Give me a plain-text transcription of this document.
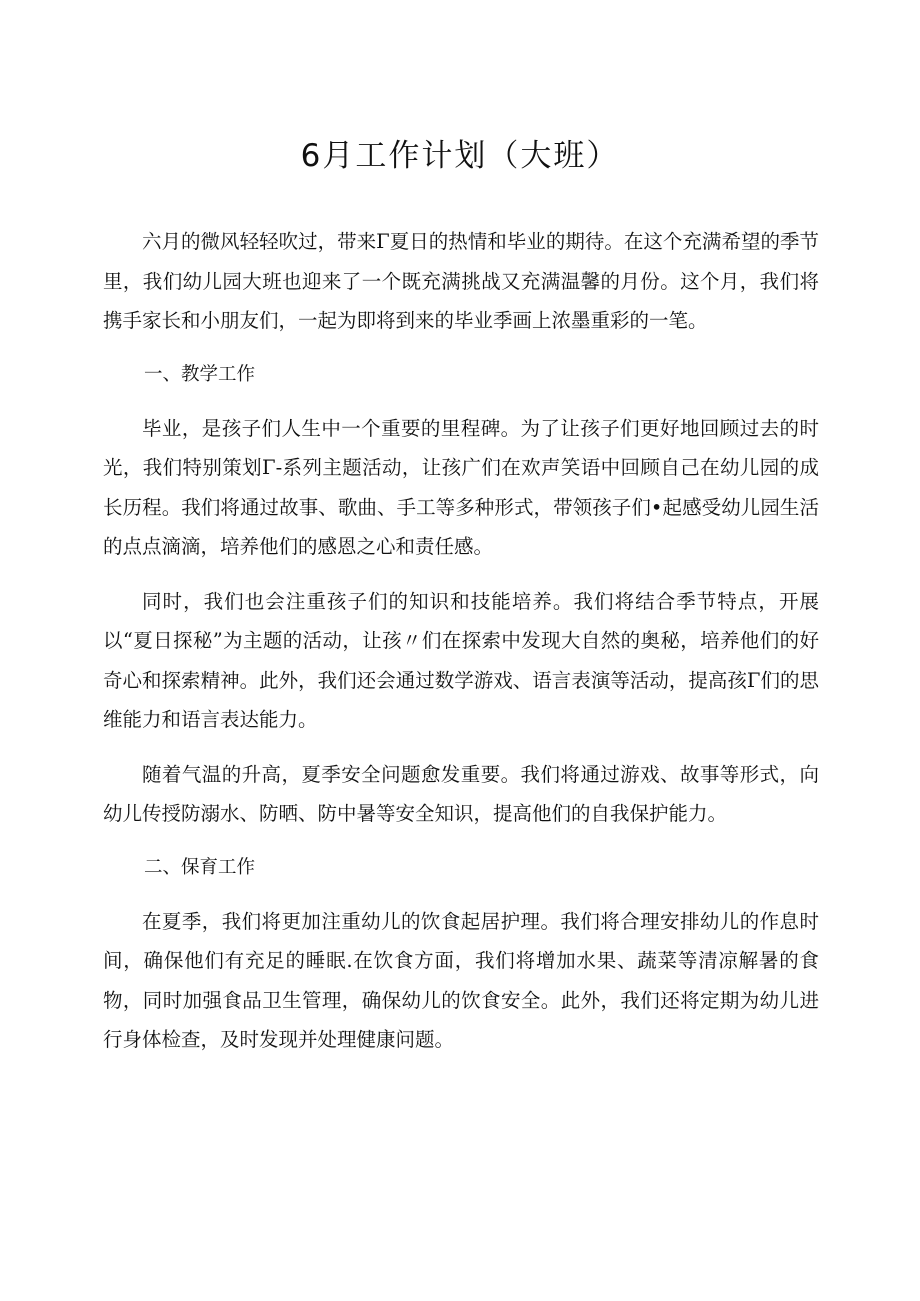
6月工作计划（大班）

六月的微风轻轻吹过，带来Γ夏日的热情和毕业的期待。在这个充满希望的季节里，我们幼儿园大班也迎来了一个既充满挑战又充满温馨的月份。这个月，我们将携手家长和小朋友们，一起为即将到来的毕业季画上浓墨重彩的一笔。

一、教学工作

毕业，是孩子们人生中一个重要的里程碑。为了让孩子们更好地回顾过去的时光，我们特别策划Γ-系列主题活动，让孩广们在欢声笑语中回顾自己在幼儿园的成长历程。我们将通过故事、歌曲、手工等多种形式，带领孩子们•起感受幼儿园生活的点点滴滴，培养他们的感恩之心和责任感。

同时，我们也会注重孩子们的知识和技能培养。我们将结合季节特点，开展以“夏日探秘”为主题的活动，让孩〃们在探索中发现大自然的奥秘，培养他们的好奇心和探索精神。此外，我们还会通过数学游戏、语言表演等活动，提高孩Γ们的思维能力和语言表达能力。

随着气温的升高，夏季安全问题愈发重要。我们将通过游戏、故事等形式，向幼儿传授防溺水、防晒、防中暑等安全知识，提高他们的自我保护能力。

二、保育工作

在夏季，我们将更加注重幼儿的饮食起居护理。我们将合理安排幼儿的作息时间，确保他们有充足的睡眠.在饮食方面，我们将增加水果、蔬菜等清凉解暑的食物，同时加强食品卫生管理，确保幼儿的饮食安全。此外，我们还将定期为幼儿进行身体检查，及时发现并处理健康问题。
